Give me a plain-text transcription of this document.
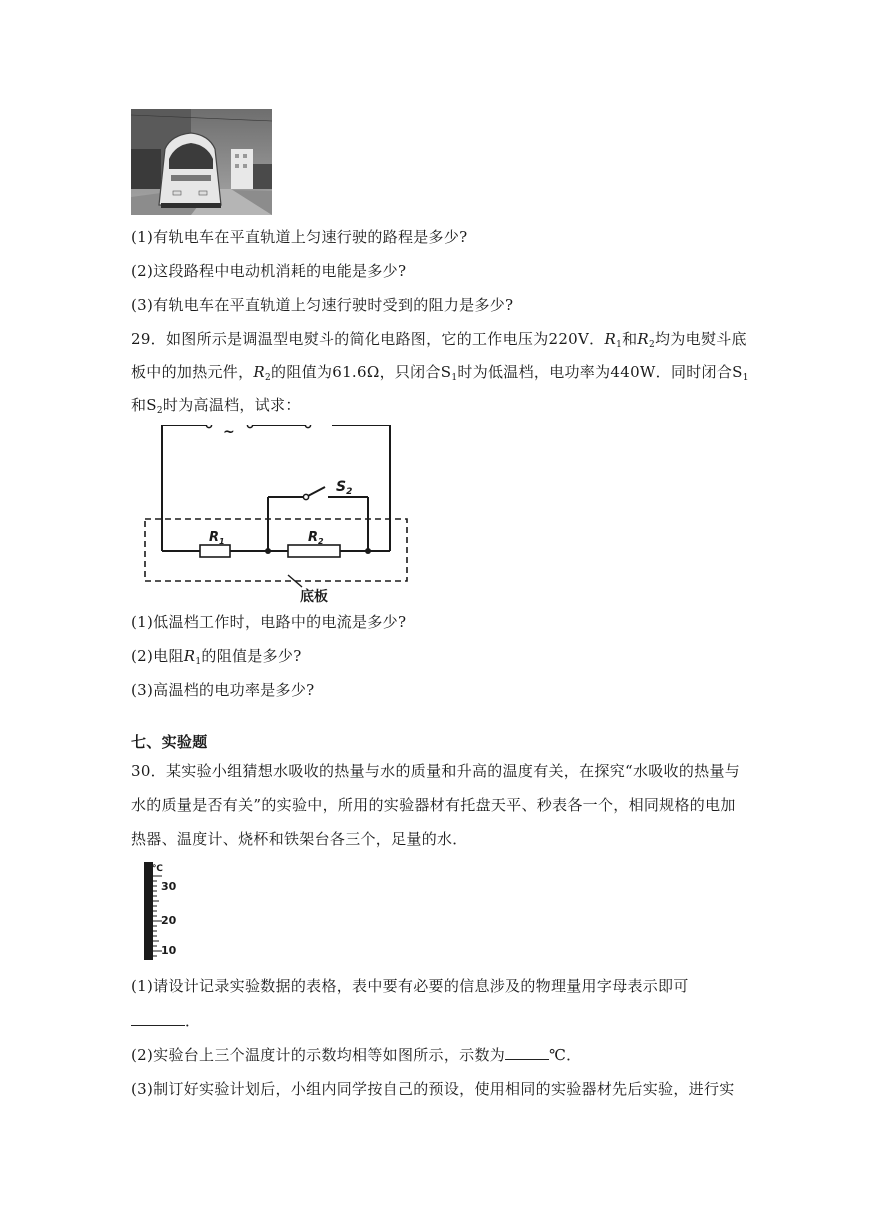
(1)有轨电车在平直轨道上匀速行驶的路程是多少?
(2)这段路程中电动机消耗的电能是多少?
(3)有轨电车在平直轨道上匀速行驶时受到的阻力是多少?
29．如图所示是调温型电熨斗的简化电路图，它的工作电压为220V．$R_1$和$R_2$均为电熨斗底
板中的加热元件，$R_2$的阻值为61.6Ω，只闭合$S_1$时为低温档，电功率为440W．同时闭合$S_1$
和$S_2$时为高温档，试求：
~
$S_2$
$R_1$	$R_2$
底板
(1)低温档工作时，电路中的电流是多少?
(2)电阻$R_1$的阻值是多少?
(3)高温档的电功率是多少?
七、实验题
30．某实验小组猜想水吸收的热量与水的质量和升高的温度有关，在探究“水吸收的热量与
水的质量是否有关”的实验中，所用的实验器材有托盘天平、秒表各一个，相同规格的电加
热器、温度计、烧杯和铁架台各三个，足量的水．
℃
30
20
10
(1)请设计记录实验数据的表格，表中要有必要的信息涉及的物理量用字母表示即可
．
(2)实验台上三个温度计的示数均相等如图所示，示数为	℃．
(3)制订好实验计划后，小组内同学按自己的预设，使用相同的实验器材先后实验，进行实
